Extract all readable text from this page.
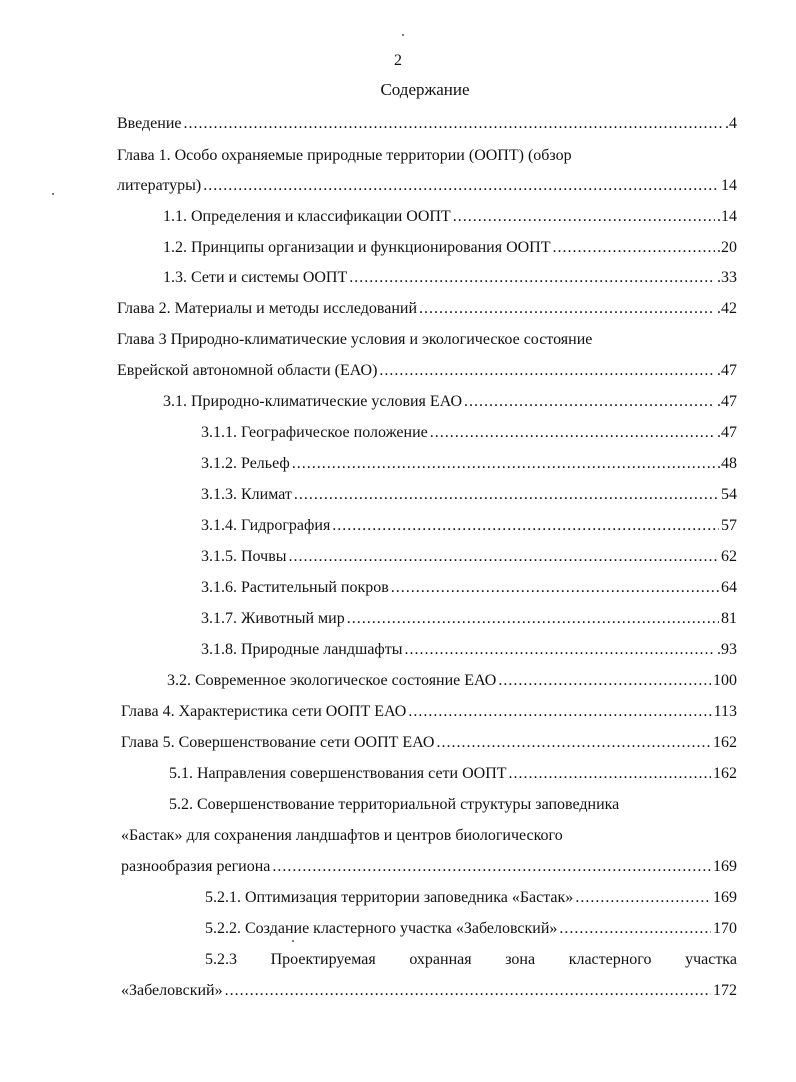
2
Содержание
Введение .....	.4
Глава 1. Особо охраняемые природные территории (ООПТ) (обзор
литературы) .....	14
1.1. Определения и классификации ООПТ .....	.14
1.2. Принципы организации и функционирования ООПТ .....	.20
1.3. Сети и системы ООПТ .....	.33
Глава 2. Материалы и методы исследований .....	.42
Глава 3 Природно-климатические условия и экологическое состояние
Еврейской автономной области (ЕАО) .....	.47
3.1. Природно-климатические условия ЕАО .....	.47
3.1.1. Географическое положение .....	.47
3.1.2. Рельеф .....	.48
3.1.3. Климат .....	54
3.1.4. Гидрография .....	57
3.1.5. Почвы .....	62
3.1.6. Растительный покров .....	64
3.1.7. Животный мир .....	81
3.1.8. Природные ландшафты .....	.93
3.2. Современное экологическое состояние ЕАО .....	100
Глава 4. Характеристика сети ООПТ ЕАО .....	113
Глава 5. Совершенствование сети ООПТ ЕАО .....	162
5.1. Направления совершенствования сети ООПТ .....	162
5.2. Совершенствование территориальной структуры заповедника
«Бастак» для сохранения ландшафтов и центров биологического
разнообразия региона .....	169
5.2.1. Оптимизация территории заповедника «Бастак» .....	169
5.2.2. Создание кластерного участка «Забеловский» .....	170
5.2.3 Проектируемая охранная зона кластерного участка
«Забеловский» .....	172
